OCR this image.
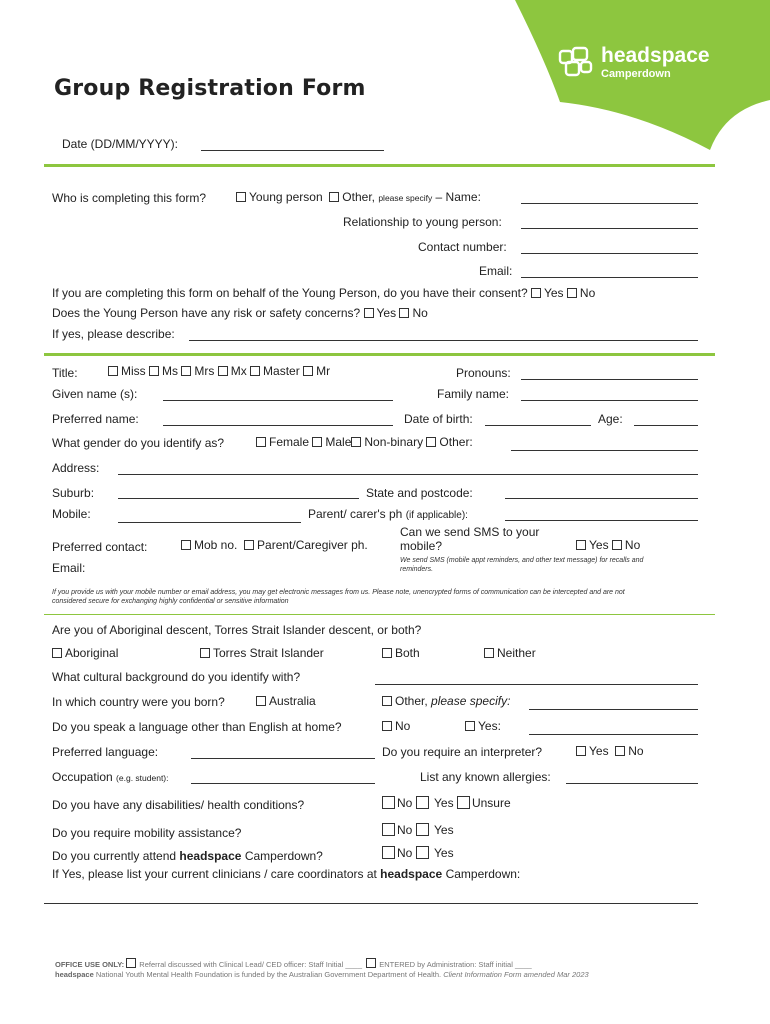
headspace
Camperdown
Group Registration Form
Date (DD/MM/YYYY):
Who is completing this form?	Young person Other, please specify – Name:
Relationship to young person:
Contact number:
Email:
If you are completing this form on behalf of the Young Person, do you have their consent? Yes No
Does the Young Person have any risk or safety concerns? Yes No
If yes, please describe:
Title:	Miss Ms Mrs Mx Master Mr	Pronouns:
Given name (s):	Family name:
Preferred name:	Date of birth:	Age:
What gender do you identify as?	Female Male Non-binary Other:
Address:
Suburb:	State and postcode:
Mobile:	Parent/ carer's ph (if applicable):
Can we send SMS to your
mobile?
Preferred contact:	Mob no. Parent/Caregiver ph.	Yes No
We send SMS (mobile appt reminders, and other text message) for recalls and
reminders.
Email:
If you provide us with your mobile number or email address, you may get electronic messages from us. Please note, unencrypted forms of communication can be intercepted and are not
considered secure for exchanging highly confidential or sensitive information
Are you of Aboriginal descent, Torres Strait Islander descent, or both?
Aboriginal	Torres Strait Islander	Both	Neither
What cultural background do you identify with?
In which country were you born?	Australia	Other, please specify:
Do you speak a language other than English at home?	No	Yes:
Preferred language:	Do you require an interpreter?	Yes No
Occupation (e.g. student):	List any known allergies:
Do you have any disabilities/ health conditions?	No Yes Unsure
Do you require mobility assistance?	No Yes
Do you currently attend headspace Camperdown?	No Yes
If Yes, please list your current clinicians / care coordinators at headspace Camperdown:
OFFICE USE ONLY: Referral discussed with Clinical Lead/ CED officer: Staff Initial ____ ENTERED by Administration: Staff initial ____
headspace National Youth Mental Health Foundation is funded by the Australian Government Department of Health. Client Information Form amended Mar 2023
